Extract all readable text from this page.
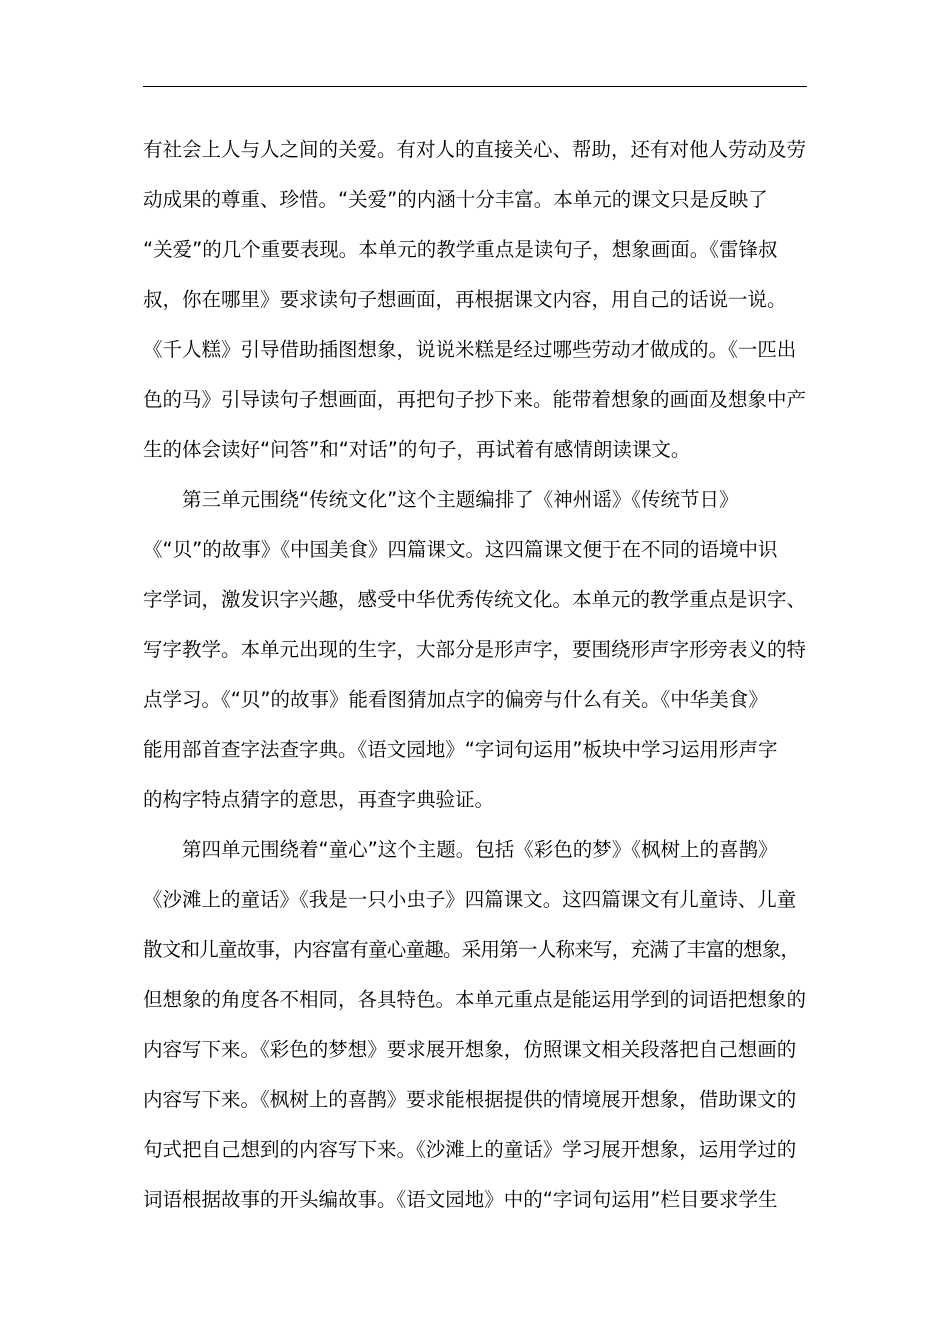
有社会上人与人之间的关爱。有对人的直接关心、帮助，还有对他人劳动及劳
动成果的尊重、珍惜。“关爱”的内涵十分丰富。本单元的课文只是反映了
“关爱”的几个重要表现。本单元的教学重点是读句子，想象画面。《雷锋叔
叔，你在哪里》要求读句子想画面，再根据课文内容，用自己的话说一说。
《千人糕》引导借助插图想象，说说米糕是经过哪些劳动才做成的。《一匹出
色的马》引导读句子想画面，再把句子抄下来。能带着想象的画面及想象中产
生的体会读好“问答”和“对话”的句子，再试着有感情朗读课文。
第三单元围绕“传统文化”这个主题编排了《神州谣》《传统节日》
《“贝”的故事》《中国美食》四篇课文。这四篇课文便于在不同的语境中识
字学词，激发识字兴趣，感受中华优秀传统文化。本单元的教学重点是识字、
写字教学。本单元出现的生字，大部分是形声字，要围绕形声字形旁表义的特
点学习。《“贝”的故事》能看图猜加点字的偏旁与什么有关。《中华美食》
能用部首查字法查字典。《语文园地》“字词句运用”板块中学习运用形声字
的构字特点猜字的意思，再查字典验证。
第四单元围绕着“童心”这个主题。包括《彩色的梦》《枫树上的喜鹊》
《沙滩上的童话》《我是一只小虫子》四篇课文。这四篇课文有儿童诗、儿童
散文和儿童故事，内容富有童心童趣。采用第一人称来写，充满了丰富的想象，
但想象的角度各不相同，各具特色。本单元重点是能运用学到的词语把想象的
内容写下来。《彩色的梦想》要求展开想象，仿照课文相关段落把自己想画的
内容写下来。《枫树上的喜鹊》要求能根据提供的情境展开想象，借助课文的
句式把自己想到的内容写下来。《沙滩上的童话》学习展开想象，运用学过的
词语根据故事的开头编故事。《语文园地》中的“字词句运用”栏目要求学生
